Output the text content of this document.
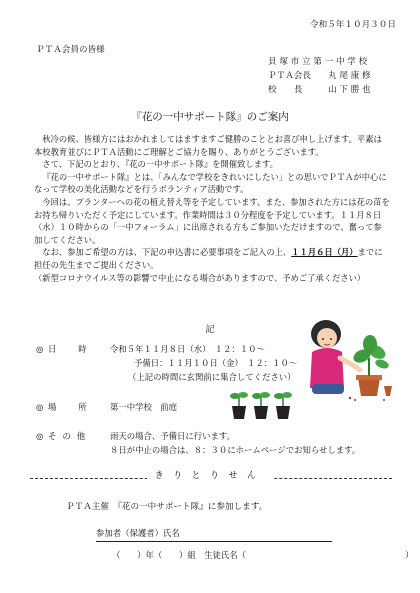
令和５年１０月３０日
ＰＴＡ会員の皆様
貝 塚 市 立 第 一 中 学 校
ＰＴＡ会長 丸 尾 康 修
校　　長	山 下 勝 也
『花の一中サポート隊』のご案内

秋冷の候、皆様方にはおかれましてはますますご健勝のこととお喜び申し上げます。平素は本校教育並びにＰＴＡ活動にご理解とご協力を賜り、ありがとうございます。

さて、下記のとおり、『花の一中サポート隊』を開催致します。

『花の一中サポート隊』とは、「みんなで学校をきれいにしたい」との思いでＰＴＡが中心になって学校の美化活動などを行うボランティア活動です。

今回は、プランターへの花の植え替え等を予定しています。また、参加された方には花の苗をお持ち帰りいただく予定にしています。作業時間は３０分程度を予定しています。１１月８日（水）１０時からの「一中フォーラム」に出席される方もご参加いただけますので、奮って参加してください。

なお、参加ご希望の方は、下記の申込書に必要事項をご記入の上、１１月６日（月）までに担任の先生までご提出ください。

（新型コロナウイルス等の影響で中止になる場合がありますので、予めご了承ください）

記
◎ 日　時 令和５年１１月８日（水）　１２：１０～
予備日：１１月１０日（金）　１２：１０～
（上記の時間に玄関前に集合してください）
◎ 場　所 第一中学校　前庭
◎ そ の 他	雨天の場合、予備日に行います。
８日が中止の場合は、８：３０にホームページでお知らせします。
きりとりせん
ＰＴＡ主催　『花の一中サポート隊』に参加します。
参加者（保護者）氏名
（　　）年（　　）組　生徒氏名（　　　　　　　　　　　　　　　　　　　）
